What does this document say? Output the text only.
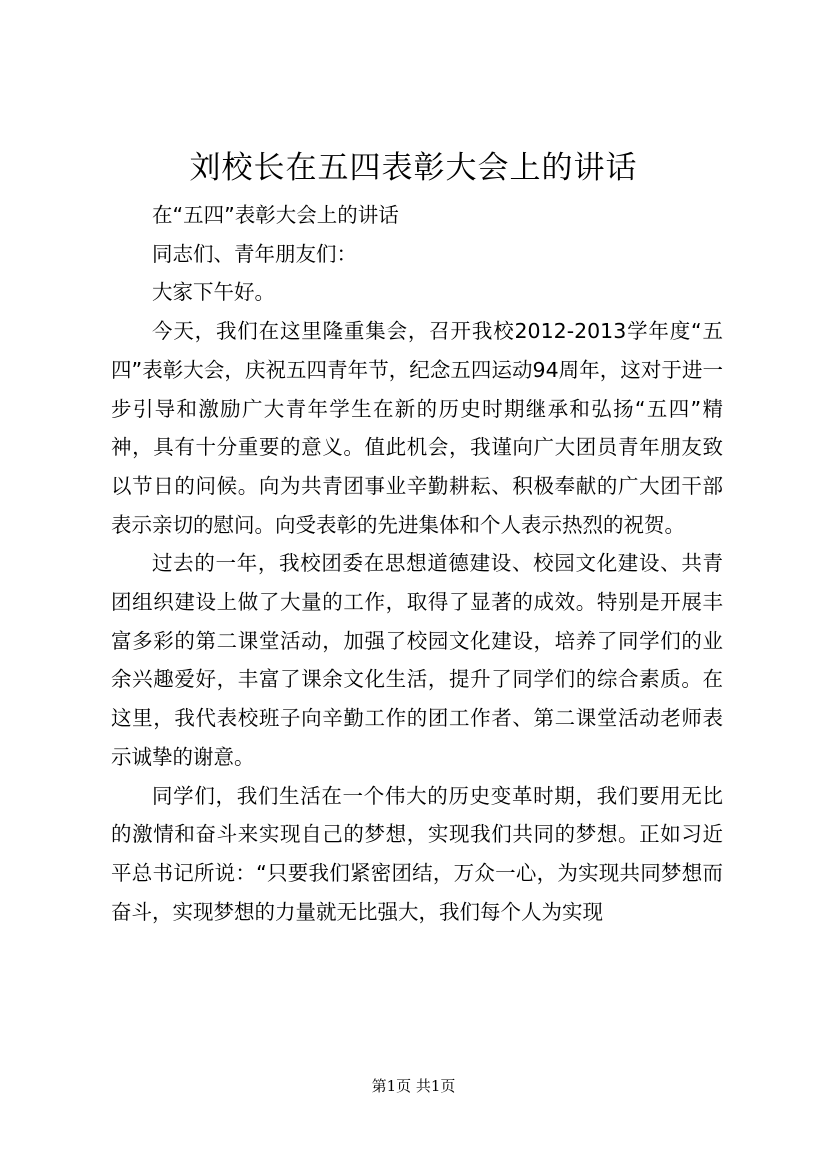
刘校长在五四表彰大会上的讲话

在“五四”表彰大会上的讲话

同志们、青年朋友们：

大家下午好。

今天，我们在这里隆重集会，召开我校2012-2013学年度“五四”表彰大会，庆祝五四青年节，纪念五四运动94周年，这对于进一步引导和激励广大青年学生在新的历史时期继承和弘扬“五四”精神，具有十分重要的意义。值此机会，我谨向广大团员青年朋友致以节日的问候。向为共青团事业辛勤耕耘、积极奉献的广大团干部表示亲切的慰问。向受表彰的先进集体和个人表示热烈的祝贺。

过去的一年，我校团委在思想道德建设、校园文化建设、共青团组织建设上做了大量的工作，取得了显著的成效。特别是开展丰富多彩的第二课堂活动，加强了校园文化建设，培养了同学们的业余兴趣爱好，丰富了课余文化生活，提升了同学们的综合素质。在这里，我代表校班子向辛勤工作的团工作者、第二课堂活动老师表示诚挚的谢意。

同学们，我们生活在一个伟大的历史变革时期，我们要用无比的激情和奋斗来实现自己的梦想，实现我们共同的梦想。正如习近平总书记所说：“只要我们紧密团结，万众一心，为实现共同梦想而奋斗，实现梦想的力量就无比强大，我们每个人为实现

第1页 共1页
